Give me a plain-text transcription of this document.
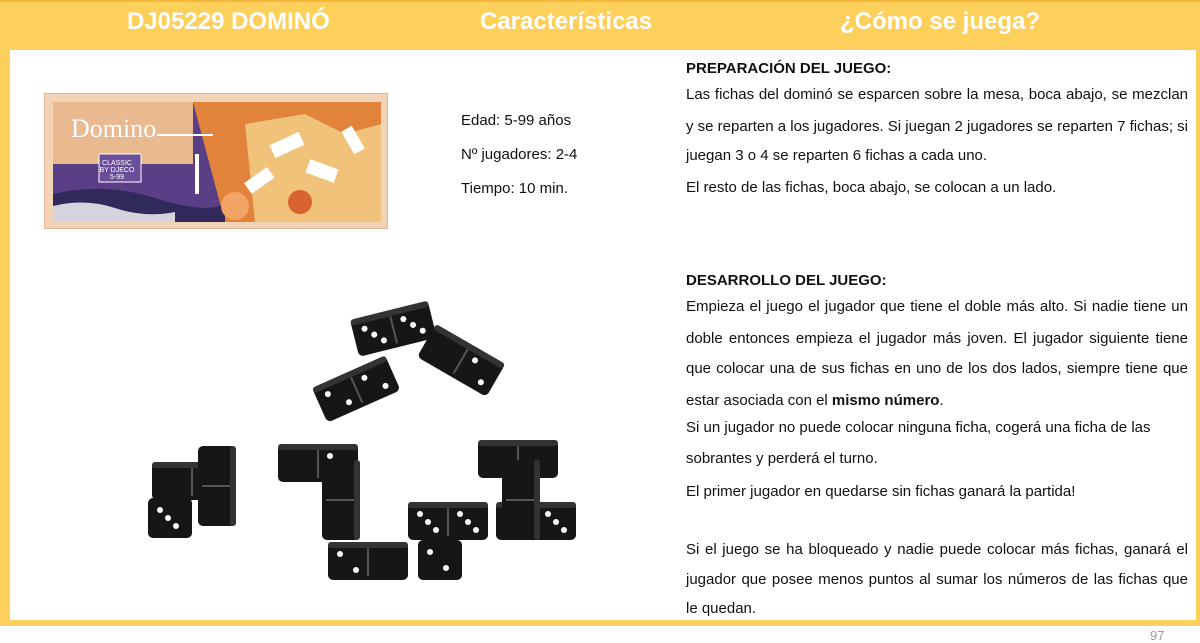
DJ05229 DOMINÓ	Características	¿Cómo se juega?
97
Domino
CLASSIC
BY DJECO
5-99
Edad: 5-99 años
Nº jugadores: 2-4
Tiempo: 10 min.
PREPARACIÓN DEL JUEGO:
Las fichas del dominó se esparcen sobre la mesa, boca abajo, se mezclan
y se reparten a los jugadores. Si juegan 2 jugadores se reparten 7 fichas; si
juegan 3 o 4 se reparten 6 fichas a cada uno.
El resto de las fichas, boca abajo, se colocan a un lado.
DESARROLLO DEL JUEGO:
Empieza el juego el jugador que tiene el doble más alto. Si nadie tiene un
doble entonces empieza el jugador más joven. El jugador siguiente tiene
que colocar una de sus fichas en uno de los dos lados, siempre tiene que
estar asociada con el mismo número.
Si un jugador no puede colocar ninguna ficha, cogerá una ficha de las
sobrantes y perderá el turno.
El primer jugador en quedarse sin fichas ganará la partida!
Si el juego se ha bloqueado y nadie puede colocar más fichas, ganará el
jugador que posee menos puntos al sumar los números de las fichas que
le quedan.
